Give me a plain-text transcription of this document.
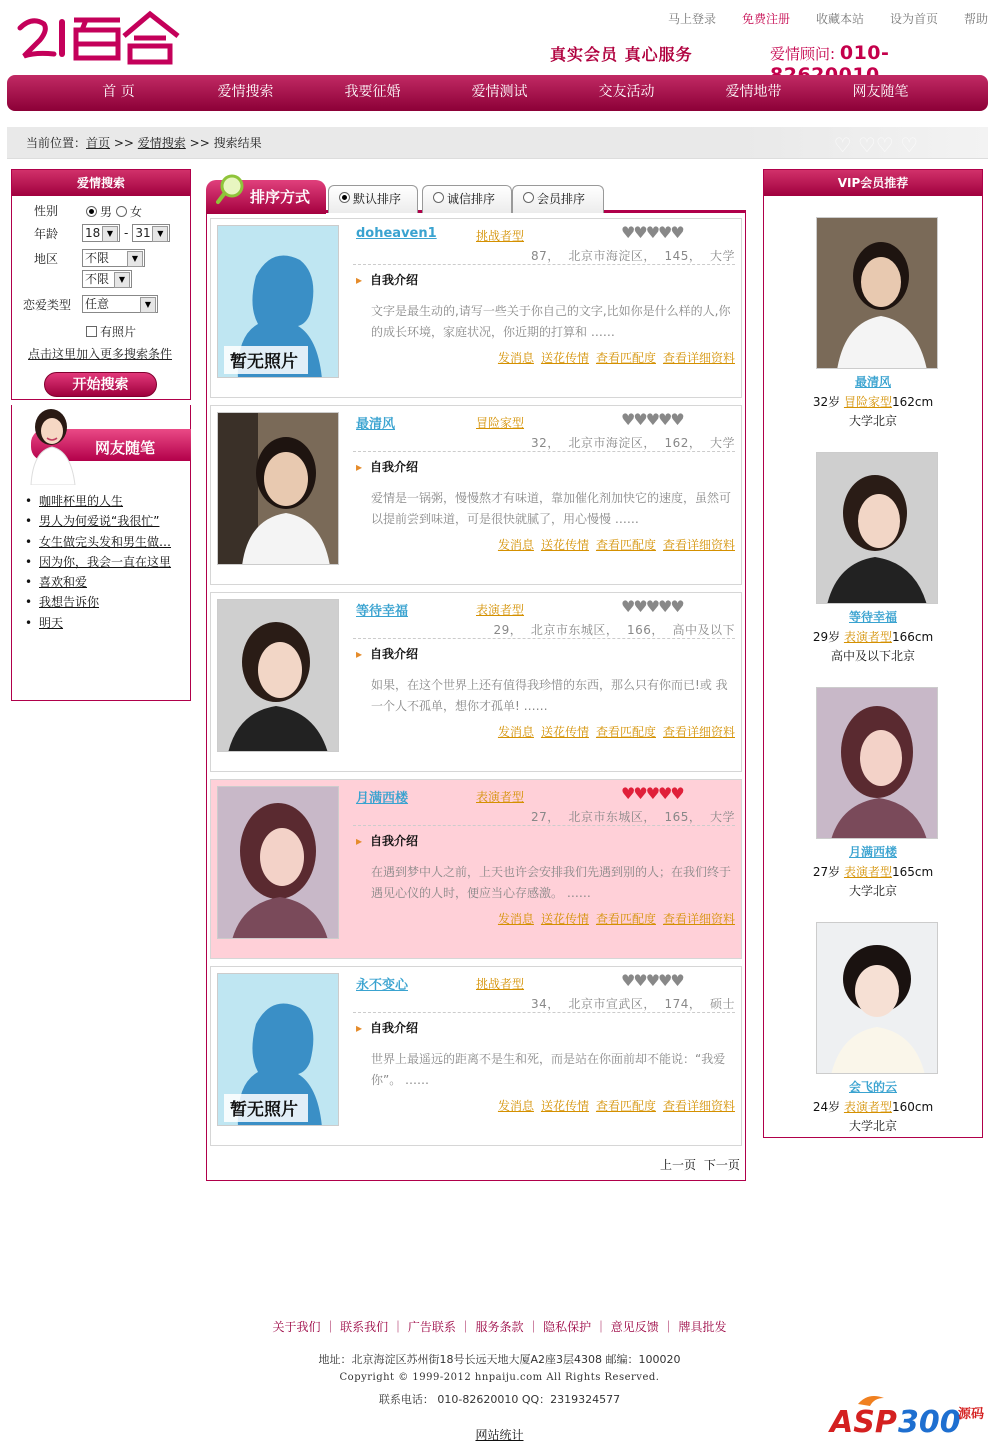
马上登录 免费注册 收藏本站 设为首页 帮助
真实会员 真心服务	爱情顾问: 010-
首 页	爱情搜索	我要征婚	爱情测试	交友活动	爱情地带	网友随笔
当前位置：首页 >> 爱情搜索 >> 搜索结果	♡ ♡♡ ♡
爱情搜索
性别	男 女
年龄 18 ▼	- 31 ▼
地区 不限 ▼
不限 ▼
恋爱类型 任意 ▼
有照片
点击这里加入更多搜索条件
开始搜索
网友随笔
• 咖啡杯里的人生
• 男人为何爱说“我很忙”
• 女生做完头发和男生做…
• 因为你，我会一直在这里
• 喜欢和爱
• 我想告诉你
• 明天
排序方式	默认排序	诚信排序	会员排序
暂无照片
doheaven1	挑战者型	♥♥♥♥♥
87，  北京市海淀区，  145，  大学
▸ 自我介绍
文字是最生动的,请写一些关于你自己的文字,比如你是什么样的人,你的成长环境，家庭状况，你近期的打算和 ……
发消息 送花传情 查看匹配度 查看详细资料
最清风	冒险家型	♥♥♥♥♥
32，  北京市海淀区，  162，  大学
▸ 自我介绍
爱情是一锅粥，慢慢熬才有味道，靠加催化剂加快它的速度，虽然可以提前尝到味道，可是很快就腻了，用心慢慢 ……
发消息 送花传情 查看匹配度 查看详细资料
等待幸福	表演者型	♥♥♥♥♥
29，  北京市东城区，  166，  高中及以下
▸ 自我介绍
如果，在这个世界上还有值得我珍惜的东西，那么只有你而已!或 我一个人不孤单，想你才孤单! ……
发消息 送花传情 查看匹配度 查看详细资料
月满西楼	表演者型	♥♥♥♥♥
27，  北京市东城区，  165，  大学
▸ 自我介绍
在遇到梦中人之前，上天也许会安排我们先遇到别的人；在我们终于遇见心仪的人时，便应当心存感激。 ……
发消息 送花传情 查看匹配度 查看详细资料
暂无照片
永不变心	挑战者型	♥♥♥♥♥
34，  北京市宣武区，  174，  硕士
▸ 自我介绍
世界上最遥远的距离不是生和死，而是站在你面前却不能说：“我爱你”。 ……
发消息 送花传情 查看匹配度 查看详细资料
上一页 下一页
VIP会员推荐
最清风
32岁 冒险家型162cm
大学北京
等待幸福
29岁 表演者型166cm
高中及以下北京
月满西楼
27岁 表演者型165cm
大学北京
会飞的云
24岁 表演者型160cm
大学北京
关于我们 ｜ 联系我们 ｜ 广告联系 ｜ 服务条款 ｜ 隐私保护 ｜ 意见反馈 ｜ 牌具批发
地址：北京海淀区苏州街18号长远天地大厦A2座3层4308 邮编：100020
Copyright © 1999-2012 hnpaiju.com All Rights Reserved.
联系电话： 010-82620010 QQ：2319324577
网站统计	ASP 300
源码
